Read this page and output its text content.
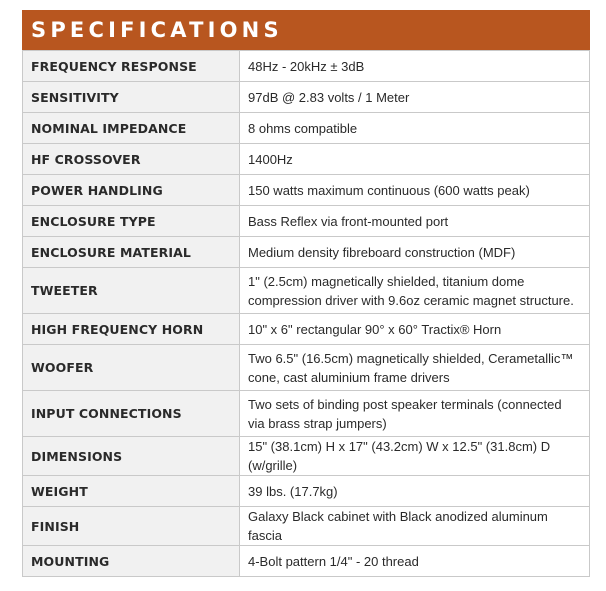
SPECIFICATIONS
FREQUENCY RESPONSE	48Hz - 20kHz ± 3dB
SENSITIVITY	97dB @ 2.83 volts / 1 Meter
NOMINAL IMPEDANCE	8 ohms compatible
HF CROSSOVER	1400Hz
POWER HANDLING	150 watts maximum continuous (600 watts peak)
ENCLOSURE TYPE	Bass Reflex via front-mounted port
ENCLOSURE MATERIAL	Medium density fibreboard construction (MDF)
TWEETER	1" (2.5cm) magnetically shielded, titanium dome compression driver with 9.6oz ceramic magnet structure.
HIGH FREQUENCY HORN	10" x 6" rectangular 90° x 60° Tractix® Horn
WOOFER	Two 6.5" (16.5cm) magnetically shielded, Cerametallic™ cone, cast aluminium frame drivers
INPUT CONNECTIONS	Two sets of binding post speaker terminals (connected via brass strap jumpers)
DIMENSIONS	15" (38.1cm) H x 17" (43.2cm) W x 12.5" (31.8cm) D (w/grille)
WEIGHT	39 lbs. (17.7kg)
FINISH	Galaxy Black cabinet with Black anodized aluminum fascia
MOUNTING	4-Bolt pattern 1/4" - 20 thread
